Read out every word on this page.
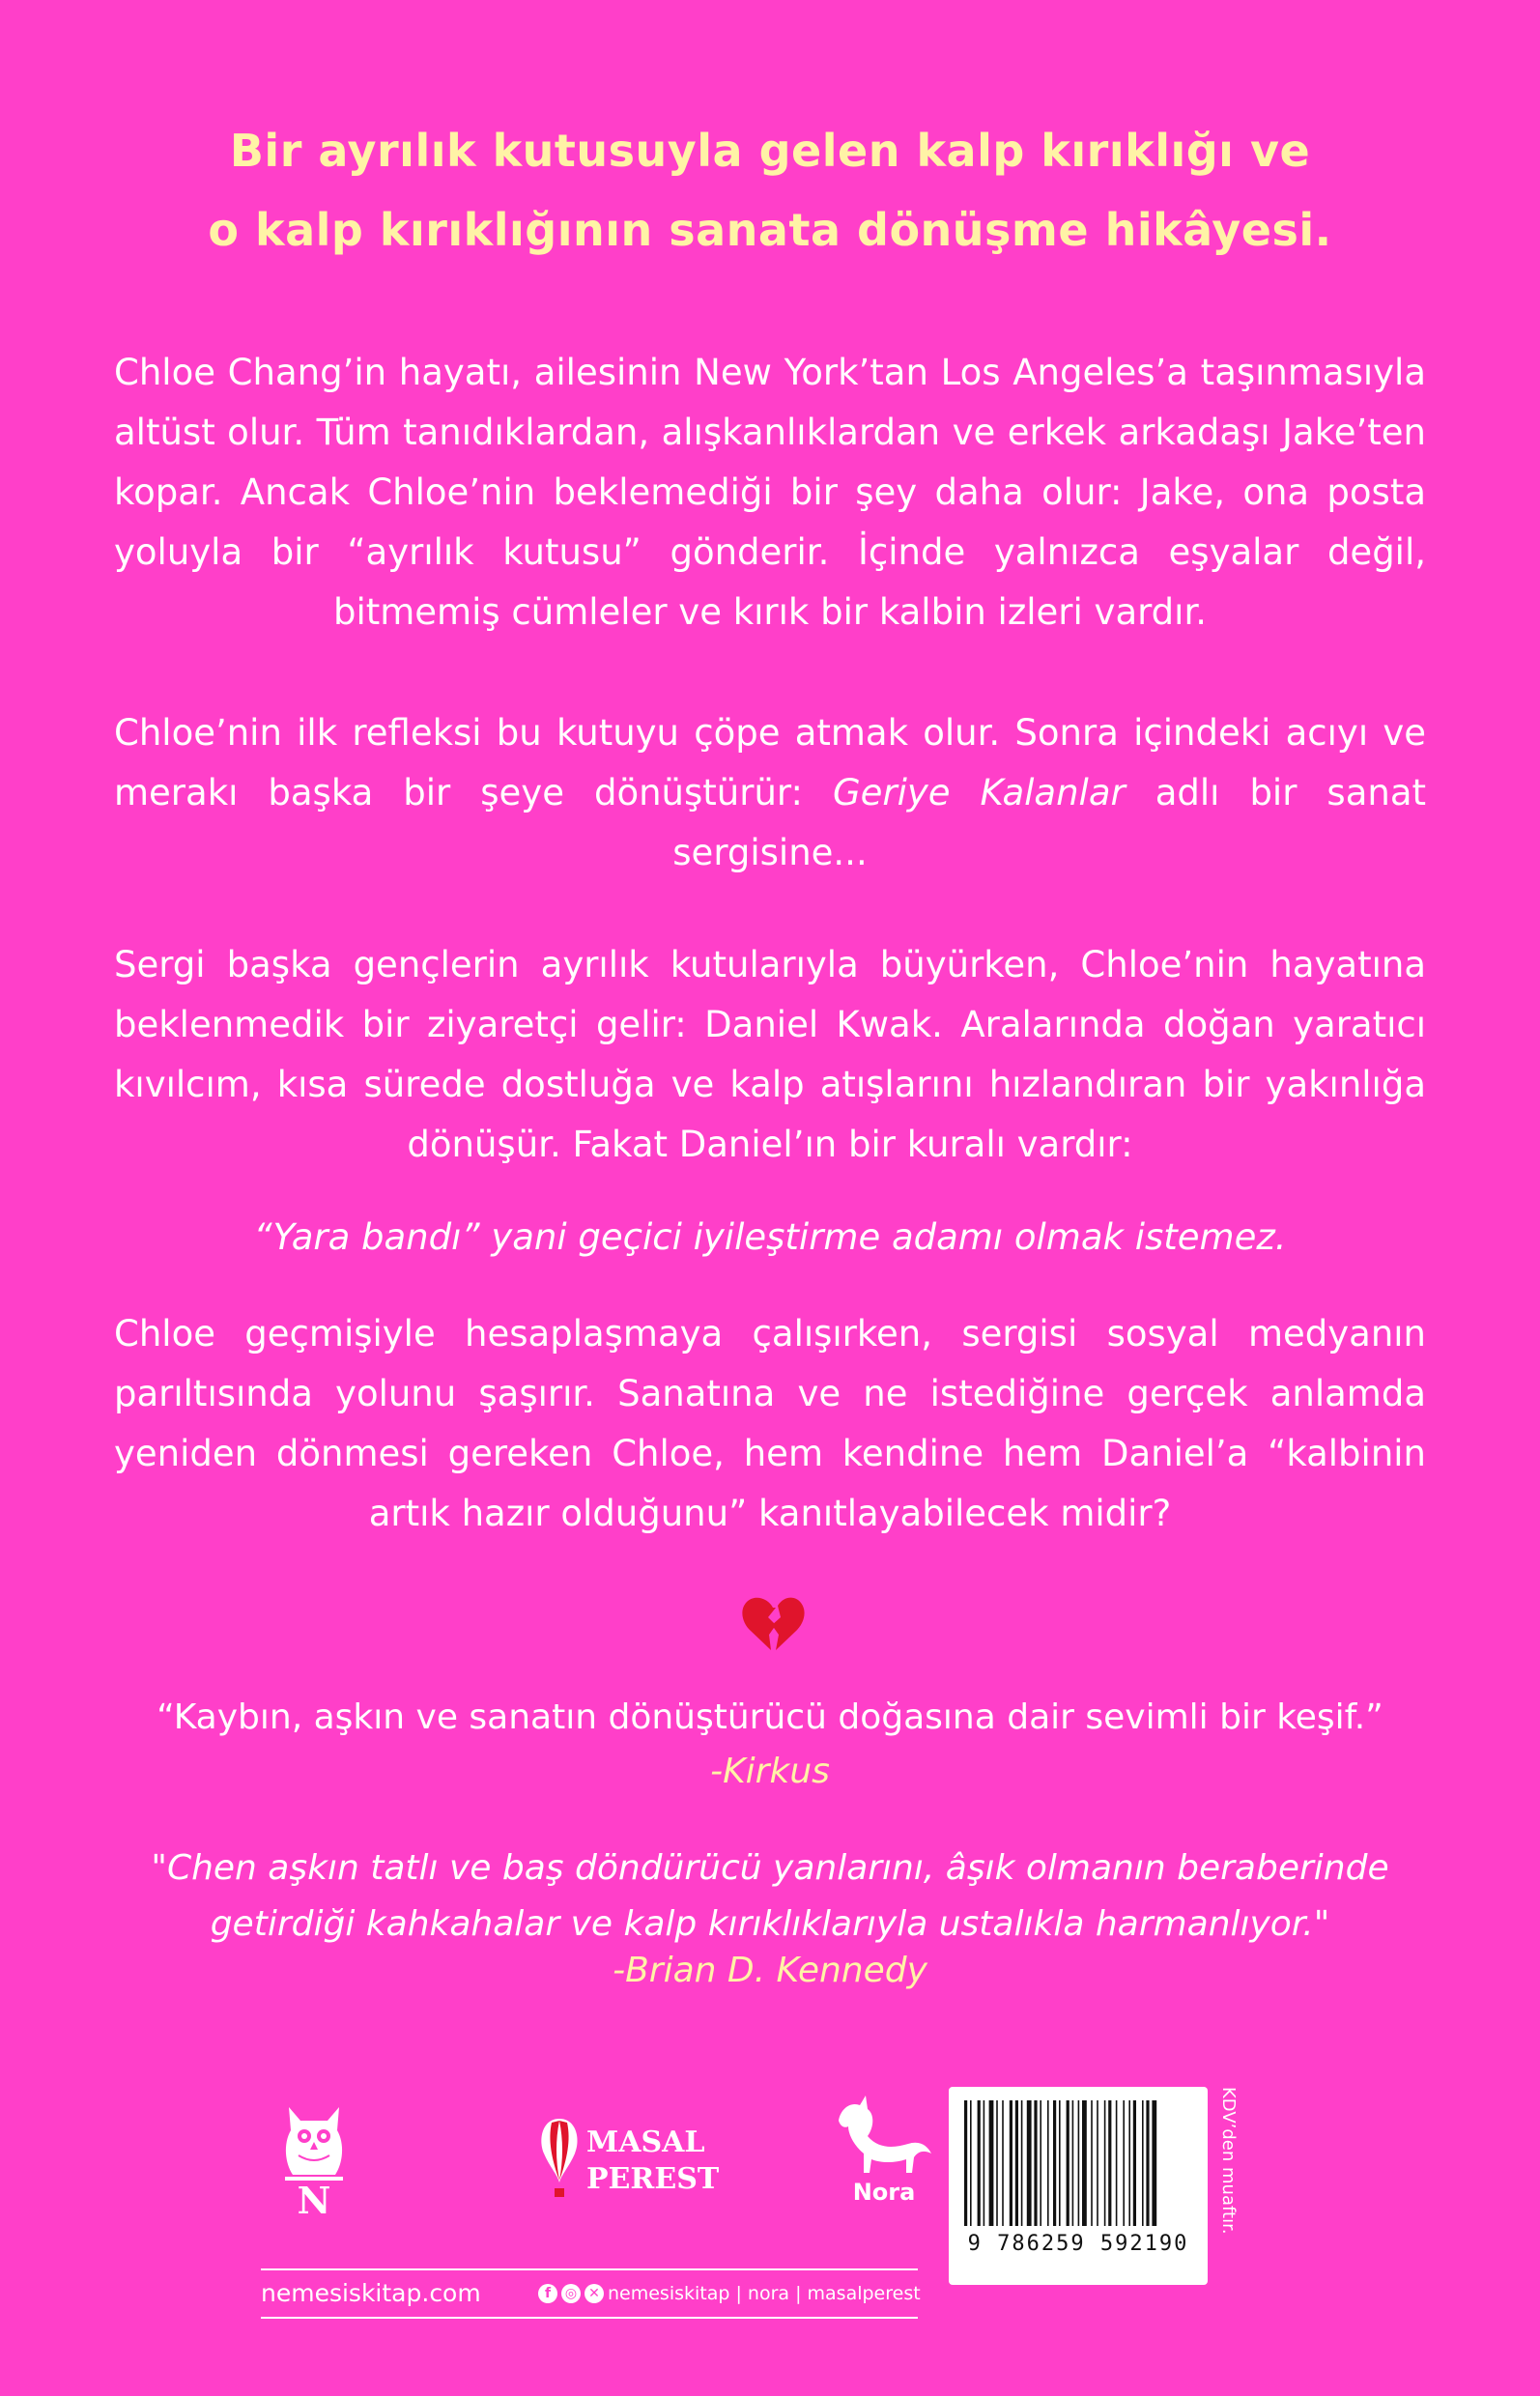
Bir ayrılık kutusuyla gelen kalp kırıklığı ve
o kalp kırıklığının sanata dönüşme hikâyesi.
Chloe Chang’in hayatı, ailesinin New York’tan Los Angeles’a taşınmasıyla altüst olur. Tüm tanıdıklardan, alışkanlıklardan ve erkek arkadaşı Jake’ten kopar. Ancak Chloe’nin beklemediği bir şey daha olur: Jake, ona posta yoluyla bir “ayrılık kutusu” gönderir. İçinde yalnızca eşyalar değil, bitmemiş cümleler ve kırık bir kalbin izleri vardır.
Chloe’nin ilk refleksi bu kutuyu çöpe atmak olur. Sonra içindeki acıyı ve merakı başka bir şeye dönüştürür: Geriye Kalanlar adlı bir sanat sergisine...
Sergi başka gençlerin ayrılık kutularıyla büyürken, Chloe’nin hayatına beklenmedik bir ziyaretçi gelir: Daniel Kwak. Aralarında doğan yaratıcı kıvılcım, kısa sürede dostluğa ve kalp atışlarını hızlandıran bir yakınlığa dönüşür. Fakat Daniel’ın bir kuralı vardır:
“Yara bandı” yani geçici iyileştirme adamı olmak istemez.
Chloe geçmişiyle hesaplaşmaya çalışırken, sergisi sosyal medyanın parıltısında yolunu şaşırır. Sanatına ve ne istediğine gerçek anlamda yeniden dönmesi gereken Chloe, hem kendine hem Daniel’a “kalbinin artık hazır olduğunu” kanıtlayabilecek midir?
“Kaybın, aşkın ve sanatın dönüştürücü doğasına dair sevimli bir keşif.”
-Kirkus
"Chen aşkın tatlı ve baş döndürücü yanlarını, âşık olmanın beraberinde
getirdiği kahkahalar ve kalp kırıklıklarıyla ustalıkla harmanlıyor."
-Brian D. Kennedy
N
MASAL
PEREST	Nora
nemesiskitap.com	f	◎ ✕ nemesiskitap | nora | masalperest
9 786259 592190
KDV’den muaftır.
